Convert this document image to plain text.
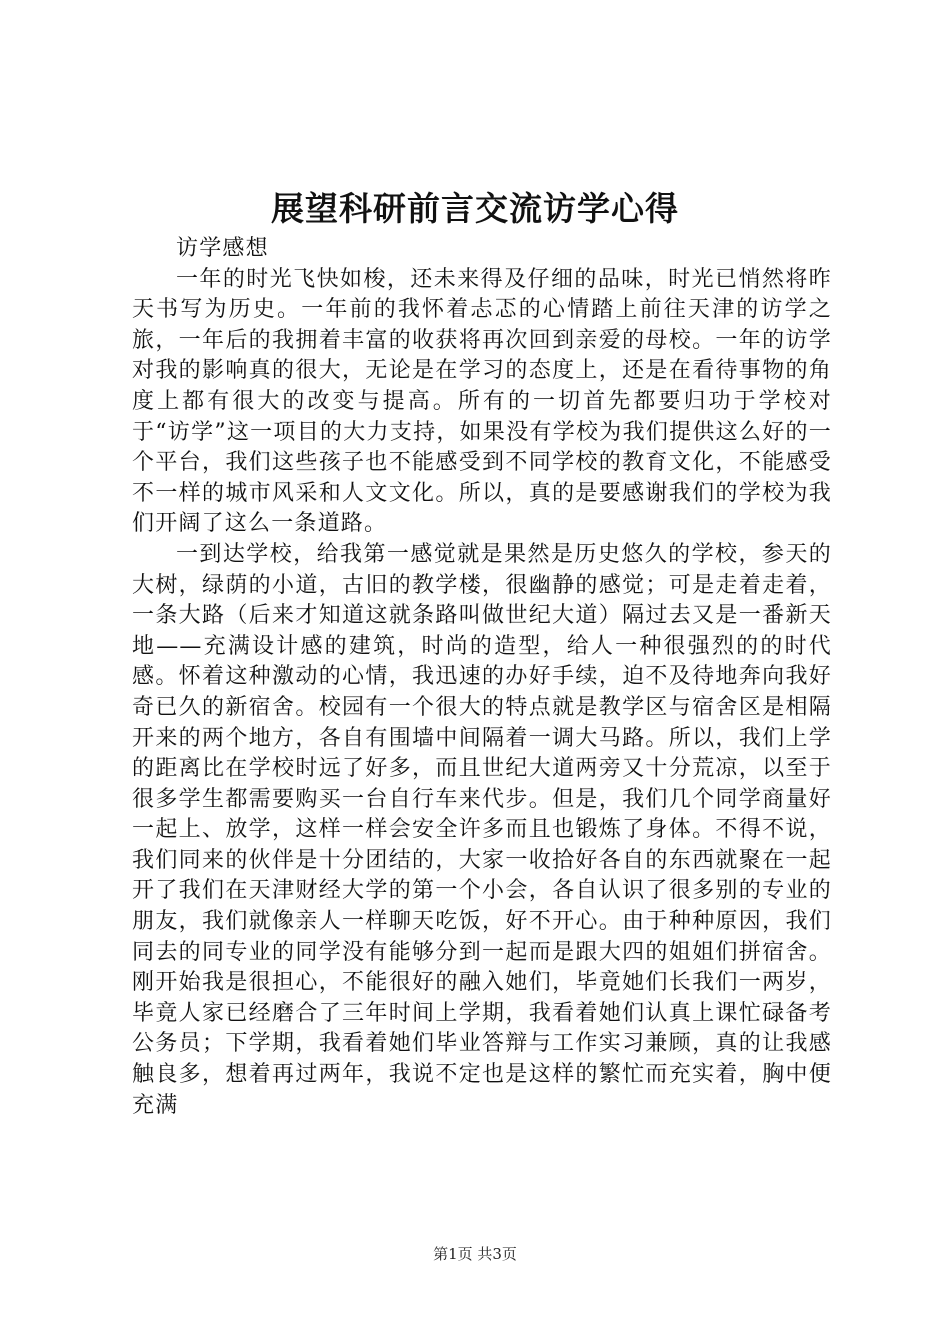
展望科研前言交流访学心得

访学感想

一年的时光飞快如梭，还未来得及仔细的品味，时光已悄然将昨天书写为历史。一年前的我怀着忐忑的心情踏上前往天津的访学之旅，一年后的我拥着丰富的收获将再次回到亲爱的母校。一年的访学对我的影响真的很大，无论是在学习的态度上，还是在看待事物的角度上都有很大的改变与提高。所有的一切首先都要归功于学校对于“访学”这一项目的大力支持，如果没有学校为我们提供这么好的一个平台，我们这些孩子也不能感受到不同学校的教育文化，不能感受不一样的城市风采和人文文化。所以，真的是要感谢我们的学校为我们开阔了这么一条道路。

一到达学校，给我第一感觉就是果然是历史悠久的学校，参天的大树，绿荫的小道，古旧的教学楼，很幽静的感觉；可是走着走着，一条大路（后来才知道这就条路叫做世纪大道）隔过去又是一番新天地——充满设计感的建筑，时尚的造型，给人一种很强烈的的时代感。怀着这种激动的心情，我迅速的办好手续，迫不及待地奔向我好奇已久的新宿舍。校园有一个很大的特点就是教学区与宿舍区是相隔开来的两个地方，各自有围墙中间隔着一调大马路。所以，我们上学的距离比在学校时远了好多，而且世纪大道两旁又十分荒凉，以至于很多学生都需要购买一台自行车来代步。但是，我们几个同学商量好一起上、放学，这样一样会安全许多而且也锻炼了身体。不得不说，我们同来的伙伴是十分团结的，大家一收拾好各自的东西就聚在一起开了我们在天津财经大学的第一个小会，各自认识了很多别的专业的朋友，我们就像亲人一样聊天吃饭，好不开心。由于种种原因，我们同去的同专业的同学没有能够分到一起而是跟大四的姐姐们拼宿舍。刚开始我是很担心，不能很好的融入她们，毕竟她们长我们一两岁，毕竟人家已经磨合了三年时间上学期，我看着她们认真上课忙碌备考公务员；下学期，我看着她们毕业答辩与工作实习兼顾，真的让我感触良多，想着再过两年，我说不定也是这样的繁忙而充实着，胸中便充满

第1页 共3页
